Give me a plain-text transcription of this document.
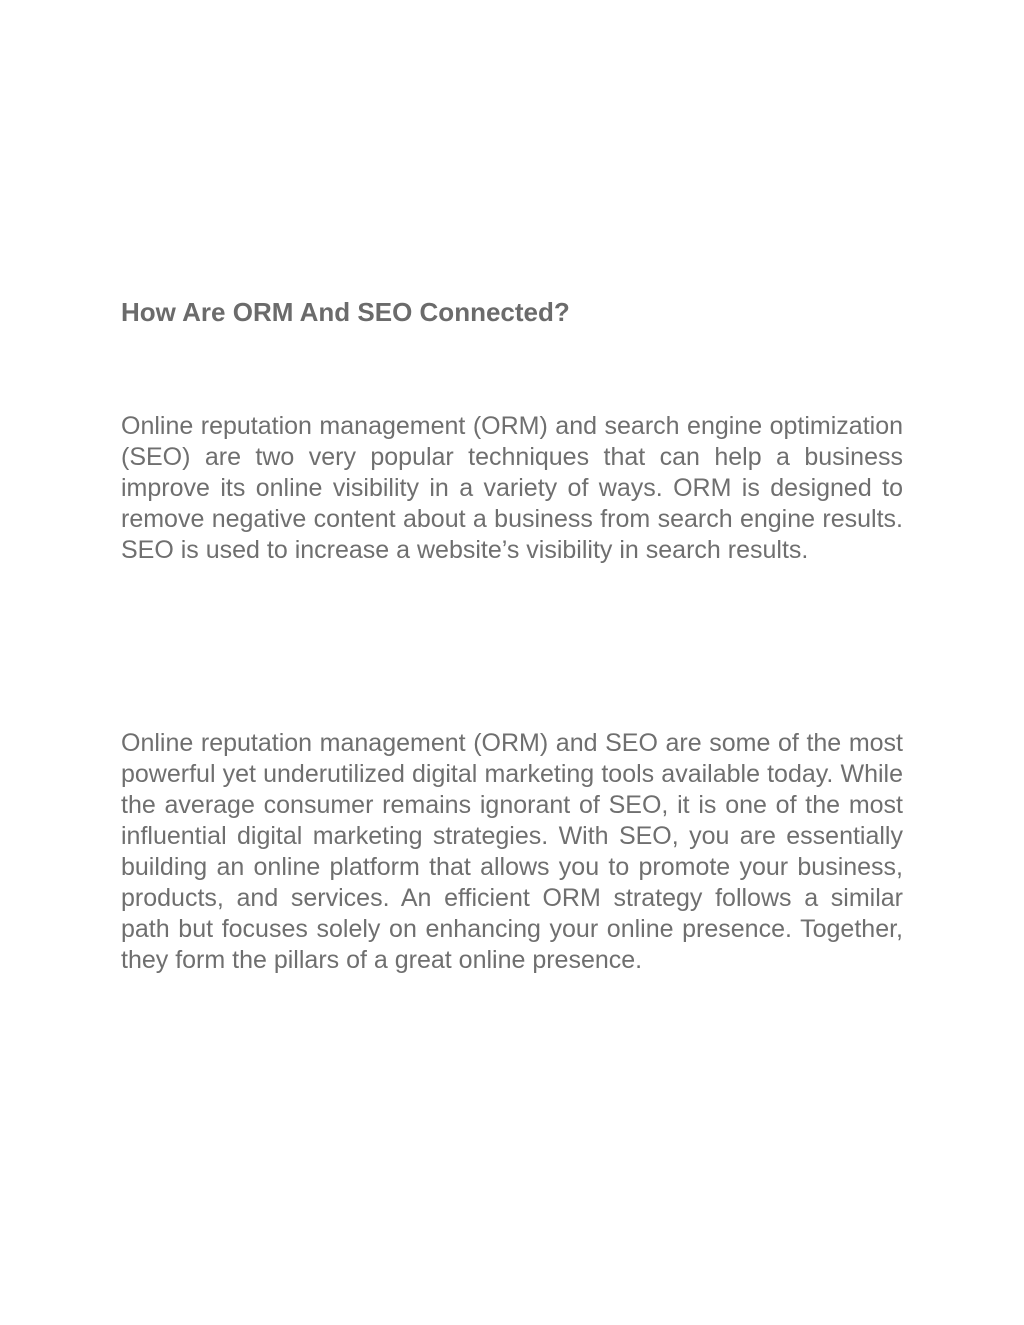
How Are ORM And SEO Connected?

Online reputation management (ORM) and search engine optimization (SEO) are two very popular techniques that can help a business improve its online visibility in a variety of ways. ORM is designed to remove negative content about a business from search engine results. SEO is used to increase a website’s visibility in search results.

Online reputation management (ORM) and SEO are some of the most powerful yet underutilized digital marketing tools available today. While the average consumer remains ignorant of SEO, it is one of the most influential digital marketing strategies. With SEO, you are essentially building an online platform that allows you to promote your business, products, and services. An efficient ORM strategy follows a similar path but focuses solely on enhancing your online presence. Together, they form the pillars of a great online presence.
